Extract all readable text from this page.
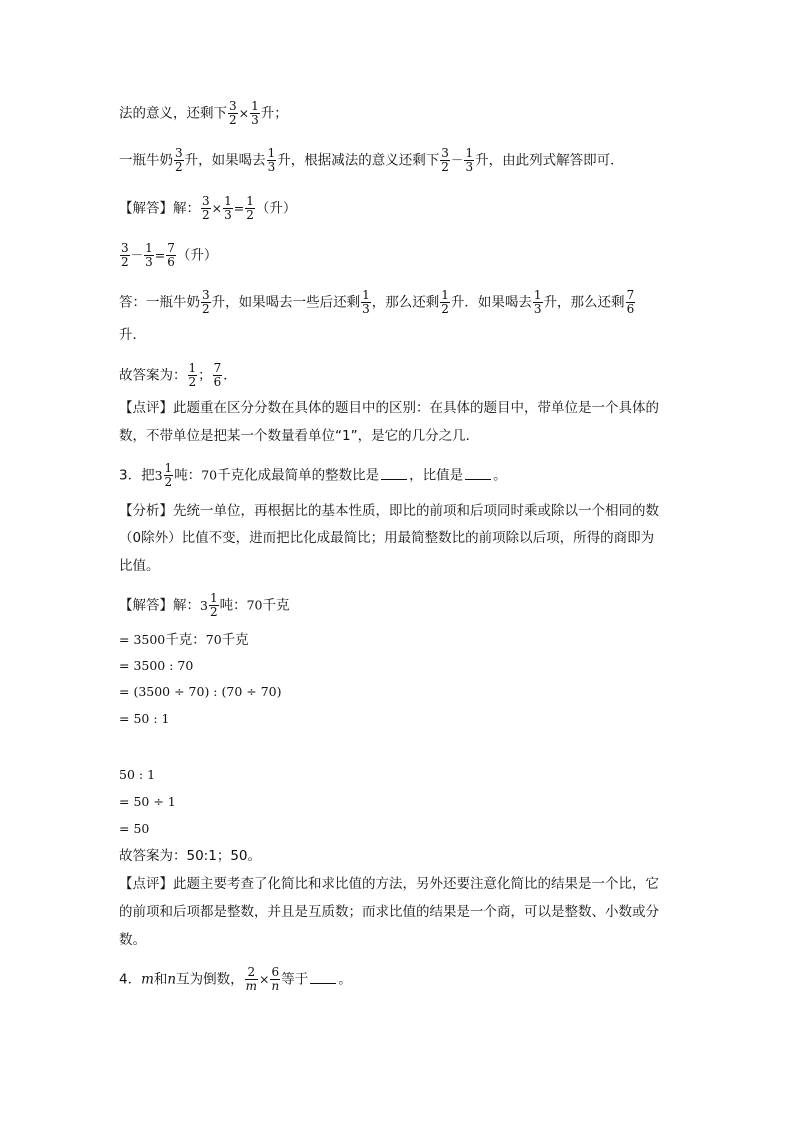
法的意义，还剩下 $\frac{3}{2} \times \frac{1}{3}$ 升；
一瓶牛奶 $\frac{3}{2}$ 升，如果喝去 $\frac{1}{3}$ 升，根据减法的意义还剩下 $\frac{3}{2} - \frac{1}{3}$ 升，由此列式解答即可．
【解答】解： $\frac{3}{2} \times \frac{1}{3} = \frac{1}{2}$ （升）
$\frac{3}{2} - \frac{1}{3} = \frac{7}{6}$ （升）
答：一瓶牛奶 $\frac{3}{2}$ 升，如果喝去一些后还剩 $\frac{1}{3}$ ，那么还剩 $\frac{1}{2}$ 升．如果喝去 $\frac{1}{3}$ 升，那么还剩 $\frac{7}{6}$
升．
故答案为： $\frac{1}{2}$ ； $\frac{7}{6}$ ．
【点评】此题重在区分分数在具体的题目中的区别：在具体的题目中，带单位是一个具体的
数，不带单位是把某一个数量看单位“1”，是它的几分之几．
3．把 $3 \frac{1}{2}$ 吨：70千克化成最简单的整数比是 ，比值是 。
【分析】先统一单位，再根据比的基本性质，即比的前项和后项同时乘或除以一个相同的数
（0除外）比值不变，进而把比化成最简比；用最简整数比的前项除以后项，所得的商即为
比值。
【解答】解： $3 \frac{1}{2}$ 吨：70千克
= 3500千克：70千克
= 3500 : 70
= (3500 ÷ 70) : (70 ÷ 70)
= 50 : 1
50 : 1
= 50 ÷ 1
= 50
故答案为：50:1；50。
【点评】此题主要考查了化简比和求比值的方法，另外还要注意化简比的结果是一个比，它
的前项和后项都是整数，并且是互质数；而求比值的结果是一个商，可以是整数、小数或分
数。
4．m和n互为倒数， $\frac{2}{m} \times \frac{6}{n}$ 等于 。
